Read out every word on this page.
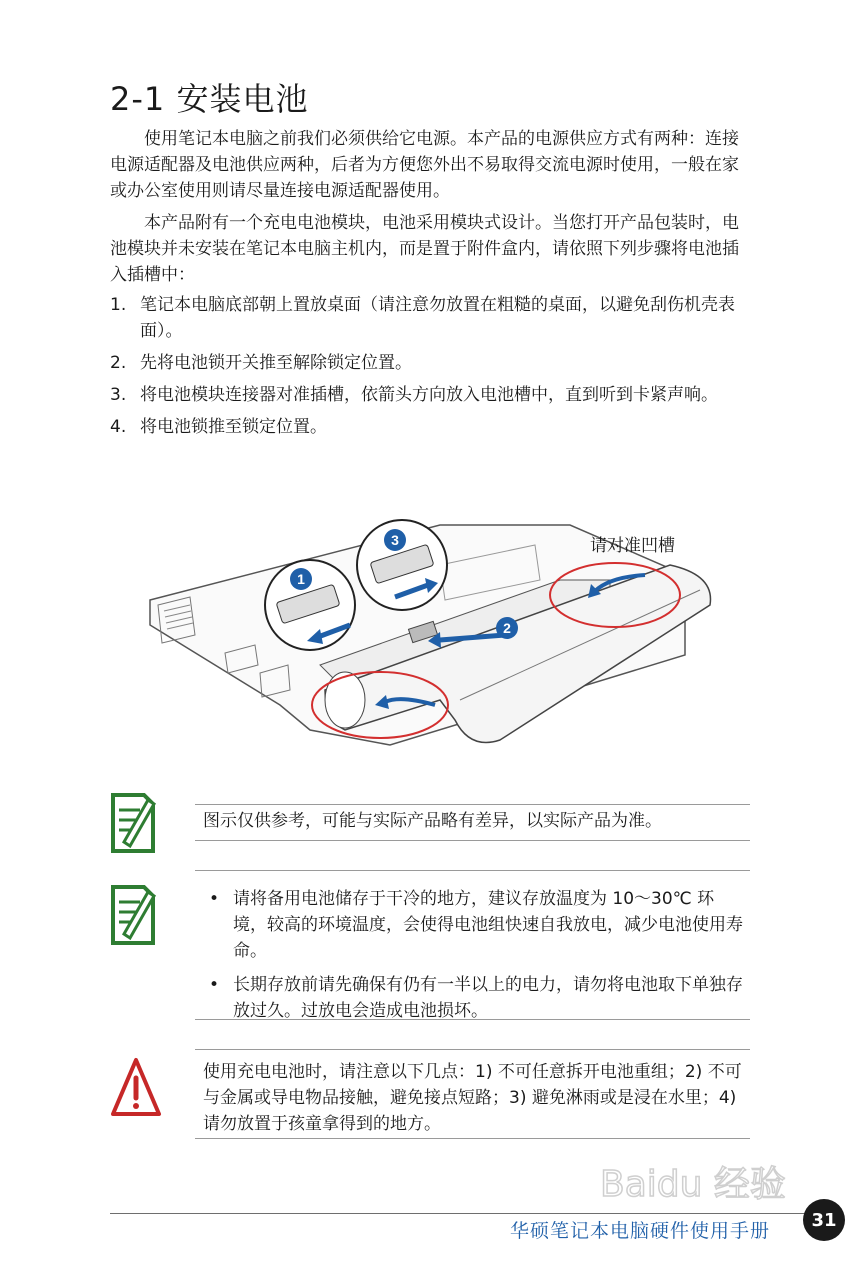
2-1 安装电池

使用笔记本电脑之前我们必须供给它电源。本产品的电源供应方式有两种：连接电源适配器及电池供应两种，后者为方便您外出不易取得交流电源时使用，一般在家或办公室使用则请尽量连接电源适配器使用。

本产品附有一个充电电池模块，电池采用模块式设计。当您打开产品包装时，电池模块并未安装在笔记本电脑主机内，而是置于附件盒内，请依照下列步骤将电池插入插槽中：

1. 笔记本电脑底部朝上置放桌面（请注意勿放置在粗糙的桌面，以避免刮伤机壳表面）。
2. 先将电池锁开关推至解除锁定位置。
3. 将电池模块连接器对准插槽，依箭头方向放入电池槽中，直到听到卡紧声响。
4. 将电池锁推至锁定位置。
1
3
2
请对准凹槽
图示仅供参考，可能与实际产品略有差异，以实际产品为准。
• 请将备用电池储存于干冷的地方，建议存放温度为 10～30℃ 环境，较高的环境温度，会使得电池组快速自我放电，减少电池使用寿命。
• 长期存放前请先确保有仍有一半以上的电力，请勿将电池取下单独存放过久。过放电会造成电池损坏。
使用充电电池时，请注意以下几点：1) 不可任意拆开电池重组；2) 不可与金属或导电物品接触，避免接点短路；3) 避免淋雨或是浸在水里；4) 请勿放置于孩童拿得到的地方。
Baidu 经验
华硕笔记本电脑硬件使用手册	31
